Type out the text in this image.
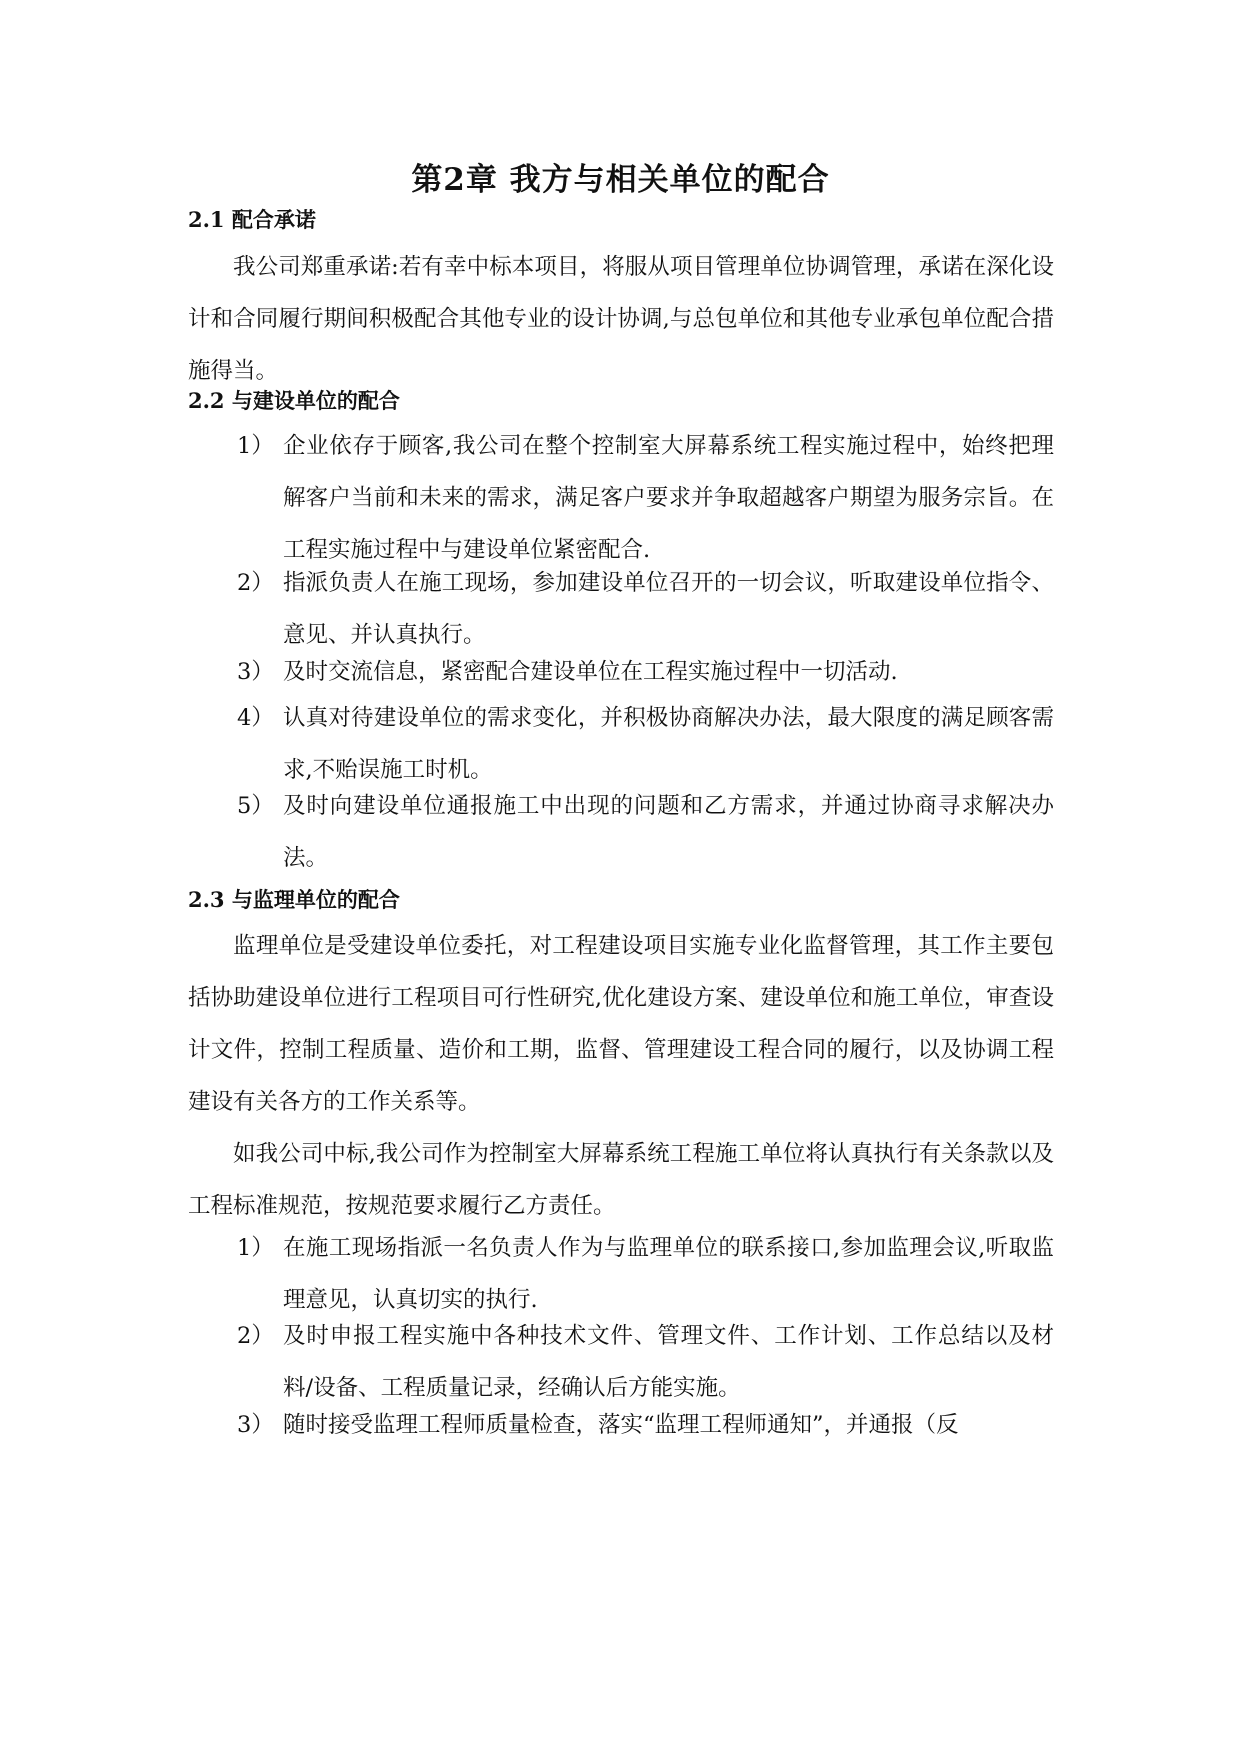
第2章 我方与相关单位的配合
2.1 配合承诺

我公司郑重承诺:若有幸中标本项目，将服从项目管理单位协调管理，承诺在深化设计和合同履行期间积极配合其他专业的设计协调,与总包单位和其他专业承包单位配合措施得当。

2.2 与建设单位的配合
1） 企业依存于顾客,我公司在整个控制室大屏幕系统工程实施过程中，始终把理解客户当前和未来的需求，满足客户要求并争取超越客户期望为服务宗旨。在工程实施过程中与建设单位紧密配合.
2） 指派负责人在施工现场，参加建设单位召开的一切会议，听取建设单位指令、意见、并认真执行。
3） 及时交流信息，紧密配合建设单位在工程实施过程中一切活动.
4） 认真对待建设单位的需求变化，并积极协商解决办法，最大限度的满足顾客需求,不贻误施工时机。
5） 及时向建设单位通报施工中出现的问题和乙方需求，并通过协商寻求解决办法。
2.3 与监理单位的配合

监理单位是受建设单位委托，对工程建设项目实施专业化监督管理，其工作主要包括协助建设单位进行工程项目可行性研究,优化建设方案、建设单位和施工单位，审查设计文件，控制工程质量、造价和工期，监督、管理建设工程合同的履行，以及协调工程建设有关各方的工作关系等。

如我公司中标,我公司作为控制室大屏幕系统工程施工单位将认真执行有关条款以及工程标准规范，按规范要求履行乙方责任。

1） 在施工现场指派一名负责人作为与监理单位的联系接口,参加监理会议,听取监理意见，认真切实的执行.
2） 及时申报工程实施中各种技术文件、管理文件、工作计划、工作总结以及材料/设备、工程质量记录，经确认后方能实施。
3） 随时接受监理工程师质量检查，落实“监理工程师通知”，并通报（反
